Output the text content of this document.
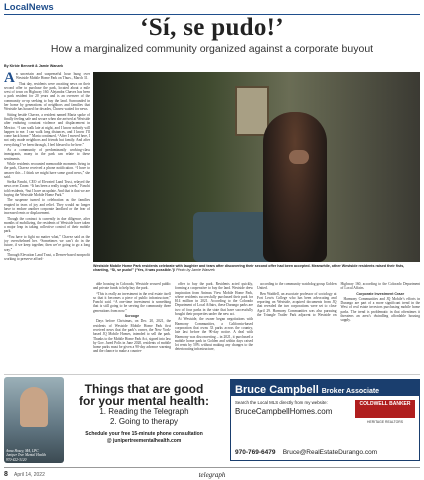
LocalNews
‘Sí, se pudo!’
How a marginalized community organized against a corporate buyout
By Kirbie Bennett & Jamie Wanzek

An uncertain and suspenseful hour hung over Westside Mobile Home Park on Thurs., March 31.

That day, residents were awaiting news on their second offer to purchase the park, located about a mile west of town on Highway 160. Alejandra Chavez has been a park resident for 20 years and is an overseer of the community co-op seeking to buy the land. Surrounded in her home by generations of neighbors and families that Westside has housed for decades, Chavez waited for news.

Sitting beside Chavez, a resident named Maria spoke of finally feeling safe and secure when she arrived at Westside after enduring constant violence and displacement in Mexico. “I can walk late at night, and I know nobody will happen to me. I can walk long distances, and I know I’ll come back home.” Maria continued, “After I moved here, I not only made neighbors and friends but family. And after everything I’ve been through, I feel blessed to be here.”

As a community of predominantly working-class immigrants, many in the park can relate to these sentiments.

While residents recounted memorable moments living in the park, Chavez received a phone notification. “I have to answer this – I think we might have some good news,” she said.

Stefka Fanchi, CEO of Elevated Land Trust, relayed the news over Zoom: “It has been a really tough week,” Fanchi told residents, “but I have an update. And that is that we are buying the Westside Mobile Home Park.”

The suspense turned to celebration as the families erupted in tears of joy and relief. They would no longer have to endure another corporate landlord or the fear of increased rents or displacement.

Though the contract is currently in due diligence, after months of mobilizing, the residents of Westside have taken a major leap in taking collective control of their mobile park.

“You have to fight no matter what,” Chavez said as the joy overwhelmed her. “Sometimes we can’t do in the future, if we keep together, then we’re going to go a long way.”

Through Elevation Land Trust, a Denver-based nonprofit working to preserve afford-

Westside Mobile Home Park residents celebrate with laughter and tears after discovering their second offer had been accepted. Meanwhile, other Westside residents raised their fists, chanting, “Sí, se pudo!” (‘Yes, it was possible.’)/ Photo by Jamie Wanzek

able housing in Colorado, Westside secured public and private funds to help buy the park.

“This is really an investment in the real estate itself so that it becomes a piece of public infrastructure,” Fanchi said. “A one-time investment is something that is still going to be serving the community three generations from now.”

Scrooge

Days before Christmas, on Dec. 20, 2021, the residents of Westside Mobile Home Park first received news that the park’s owner, the New York-based JQ Mobile Homes, intended to sell the park. Thanks to the Mobile Home Park Act, signed into law by Gov. Jared Polis in June 2020, residents of mobile home parks must be given a 90-day advance warning and the chance to make a counter-

offer to buy the park. Residents acted quickly, forming a cooperative to buy the land. Westside drew inspiration from Animas View Mobile Home Park, where residents successfully purchased their park for $14 million in 2021. According to the Colorado Department of Local Affairs, these Durango parks are two of four parks in the state that have successfully bought their properties under the new act.

At Westside, the owner began negotiations with Harmony Communities, a California-based corporation that owns 33 parks across the country, late last before the 90-day notice. A deal with Harmony was disconcerting – in 2021, it purchased a mobile home park in Golden and within days raised lot rents by 50% without making any changes to the deteriorating infrastructure,

according to the community watchdog group Golden United.

Ben Waddell, an associate professor of sociology at Fort Lewis College who has been advocating and reporting on Westside, acquired documents from JQ that revealed the two corporations were set to close April 29. Harmony Communities was also pursuing the Triangle Trailer Park adjacent to Westside on Highway 160, according to the Colorado Department of Local Affairs.

Corporate Investment Craze

Harmony Communities and JQ Mobile’s efforts in Durango are part of a more significant trend in the West of real estate investors purchasing mobile home parks. The trend is problematic in that oftentimes it threatens an area’s dwindling affordable housing supply.

Anna Hosey, MA, LPC
Juniper Tree Mental Health
970-422-3120
Things that are good
for your mental health:
1. Reading the Telegraph
2. Going to therapy
Schedule your free 15-minute phone consultation
@ junipertreementalhealth.com
Bruce Campbell Broker Associate
Search the Local MLS directly from my website:
BruceCampbellHomes.com
COLDWELL BANKER
HERITAGE REALTORS
970-769-6479 Bruce@RealEstateDurango.com
8 April 14, 2022	telegraph
